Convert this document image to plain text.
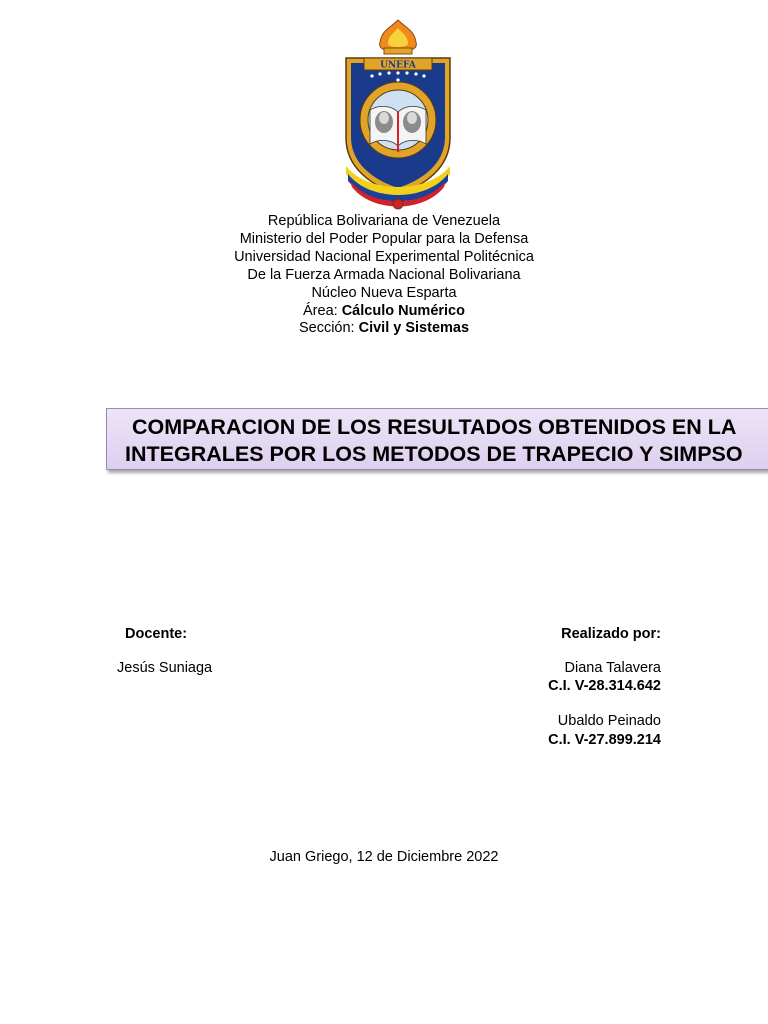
UNEFA
República Bolivariana de Venezuela
Ministerio del Poder Popular para la Defensa
Universidad Nacional Experimental Politécnica
De la Fuerza Armada Nacional Bolivariana
Núcleo Nueva Esparta
Área: Cálculo Numérico
Sección: Civil y Sistemas
COMPARACION DE LOS RESULTADOS OBTENIDOS EN LA
INTEGRALES POR LOS METODOS DE TRAPECIO Y SIMPSO
Docente:
Jesús Suniaga
Realizado por:
Diana Talavera
C.I. V-28.314.642
Ubaldo Peinado
C.I. V-27.899.214
Juan Griego, 12 de Diciembre 2022
